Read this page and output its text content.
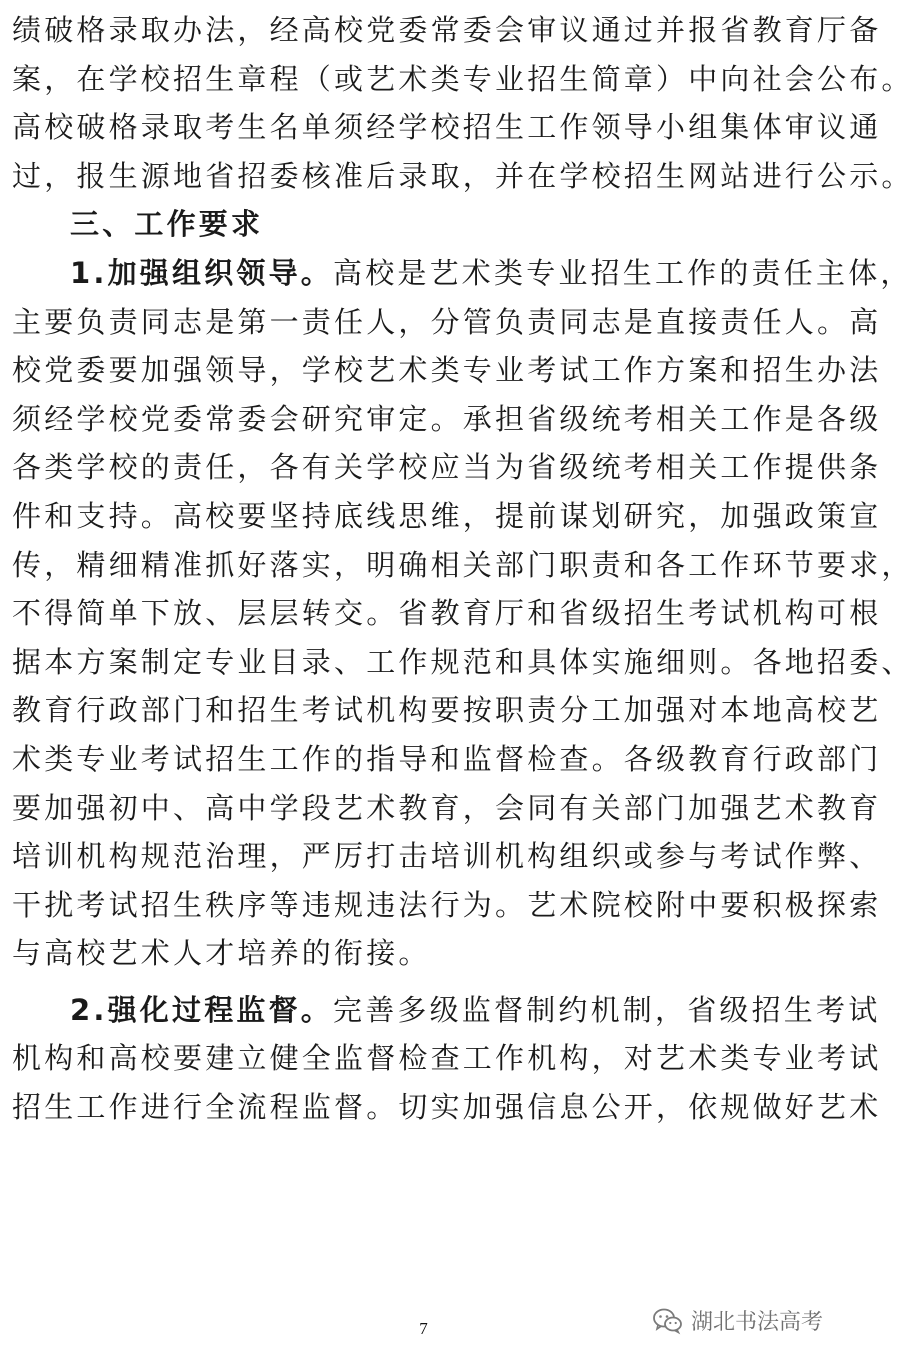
绩破格录取办法，经高校党委常委会审议通过并报省教育厅备
案，在学校招生章程（或艺术类专业招生简章）中向社会公布。
高校破格录取考生名单须经学校招生工作领导小组集体审议通
过，报生源地省招委核准后录取，并在学校招生网站进行公示。
三、工作要求
1.加强组织领导。高校是艺术类专业招生工作的责任主体，
主要负责同志是第一责任人，分管负责同志是直接责任人。高
校党委要加强领导，学校艺术类专业考试工作方案和招生办法
须经学校党委常委会研究审定。承担省级统考相关工作是各级
各类学校的责任，各有关学校应当为省级统考相关工作提供条
件和支持。高校要坚持底线思维，提前谋划研究，加强政策宣
传，精细精准抓好落实，明确相关部门职责和各工作环节要求，
不得简单下放、层层转交。省教育厅和省级招生考试机构可根
据本方案制定专业目录、工作规范和具体实施细则。各地招委、
教育行政部门和招生考试机构要按职责分工加强对本地高校艺
术类专业考试招生工作的指导和监督检查。各级教育行政部门
要加强初中、高中学段艺术教育，会同有关部门加强艺术教育
培训机构规范治理，严厉打击培训机构组织或参与考试作弊、
干扰考试招生秩序等违规违法行为。艺术院校附中要积极探索
与高校艺术人才培养的衔接。
2.强化过程监督。完善多级监督制约机制，省级招生考试
机构和高校要建立健全监督检查工作机构，对艺术类专业考试
招生工作进行全流程监督。切实加强信息公开，依规做好艺术
7	湖北书法高考
